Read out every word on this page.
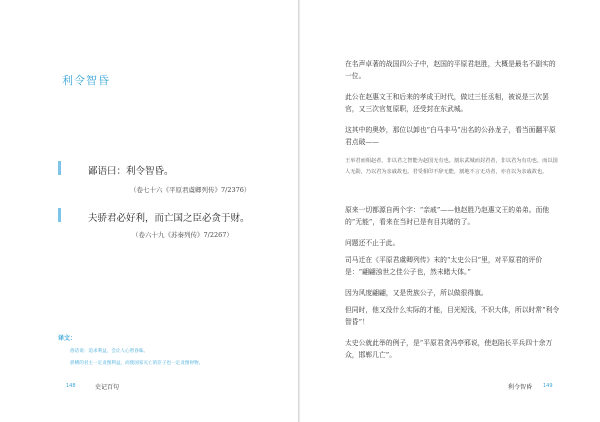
利令智昏
鄙语曰：利令智昏。
（卷七十六《平原君虞卿列传》7/2376）
夫骄君必好利，而亡国之臣必贪于财。
（卷六十九《苏秦列传》7/2267）
译文：
俗话说：追求利益，会让人心智昏昧。
骄横的君主一定贪图利益，而使国家灭亡的臣子也一定贪图财物。
148	史记百句
在名声卓著的战国四公子中，赵国的平原君赵胜，大概是最名不副实的一位。
此公在赵惠文王和后来的孝成王时代，做过三任丞相，被说是三次罢官，又三次官复原职，还受封在东武城。
这其中的奥妙，那位以卸也“白马非马”出名的公孙龙子，看当面翻平原君点破——
王举君而相赵者，非以君之智能为赵国无有也。割东武城而封君者，非以君为有功也，而以国人无勋，乃以君为亲戚故也。君受相印不辞无能，割地不言无功者，亦自以为亲戚故也。
原来一切都源自两个字：“亲戚”——他赵胜乃赵惠文王的弟弟。而他的“无能”，看来在当时已是有目共睹的了。
问题还不止于此。
司马迁在《平原君虞卿列传》末的“太史公曰”里，对平原君的评价是：“翩翩浊世之佳公子也，然未睹大体。”
因为风度翩翩，又是贵族公子，所以做很得旗。
但同时，他又没什么实际的才能，目光短浅，不识大体，所以时常“利令智昏”！
太史公就此举的例子，是“平原君贪冯亭邪说，使赵陷长平兵四十余万众，邯郸几亡”。
利令智昏 149
